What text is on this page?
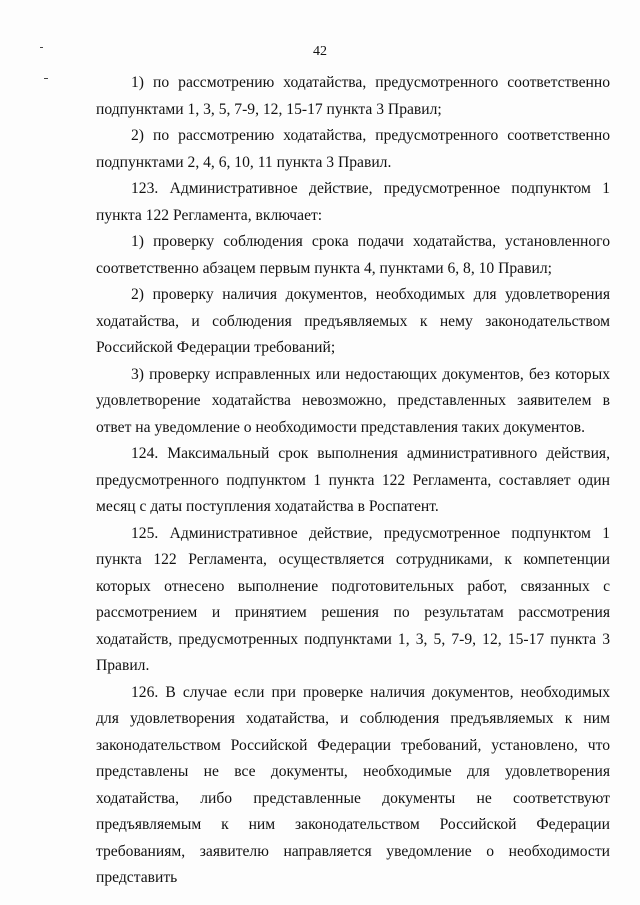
42

1) по рассмотрению ходатайства, предусмотренного соответственно подпунктами 1, 3, 5, 7-9, 12, 15-17 пункта 3 Правил;

2) по рассмотрению ходатайства, предусмотренного соответственно подпунктами 2, 4, 6, 10, 11 пункта 3 Правил.

123. Административное действие, предусмотренное подпунктом 1 пункта 122 Регламента, включает:

1) проверку соблюдения срока подачи ходатайства, установленного соответственно абзацем первым пункта 4, пунктами 6, 8, 10 Правил;

2) проверку наличия документов, необходимых для удовлетворения ходатайства, и соблюдения предъявляемых к нему законодательством Российской Федерации требований;

3) проверку исправленных или недостающих документов, без которых удовлетворение ходатайства невозможно, представленных заявителем в ответ на уведомление о необходимости представления таких документов.

124. Максимальный срок выполнения административного действия, предусмотренного подпунктом 1 пункта 122 Регламента, составляет один месяц с даты поступления ходатайства в Роспатент.

125. Административное действие, предусмотренное подпунктом 1 пункта 122 Регламента, осуществляется сотрудниками, к компетенции которых отнесено выполнение подготовительных работ, связанных с рассмотрением и принятием решения по результатам рассмотрения ходатайств, предусмотренных подпунктами 1, 3, 5, 7-9, 12, 15-17 пункта 3 Правил.

126. В случае если при проверке наличия документов, необходимых для удовлетворения ходатайства, и соблюдения предъявляемых к ним законодательством Российской Федерации требований, установлено, что представлены не все документы, необходимые для удовлетворения ходатайства, либо представленные документы не соответствуют предъявляемым к ним законодательством Российской Федерации требованиям, заявителю направляется уведомление о необходимости представить
